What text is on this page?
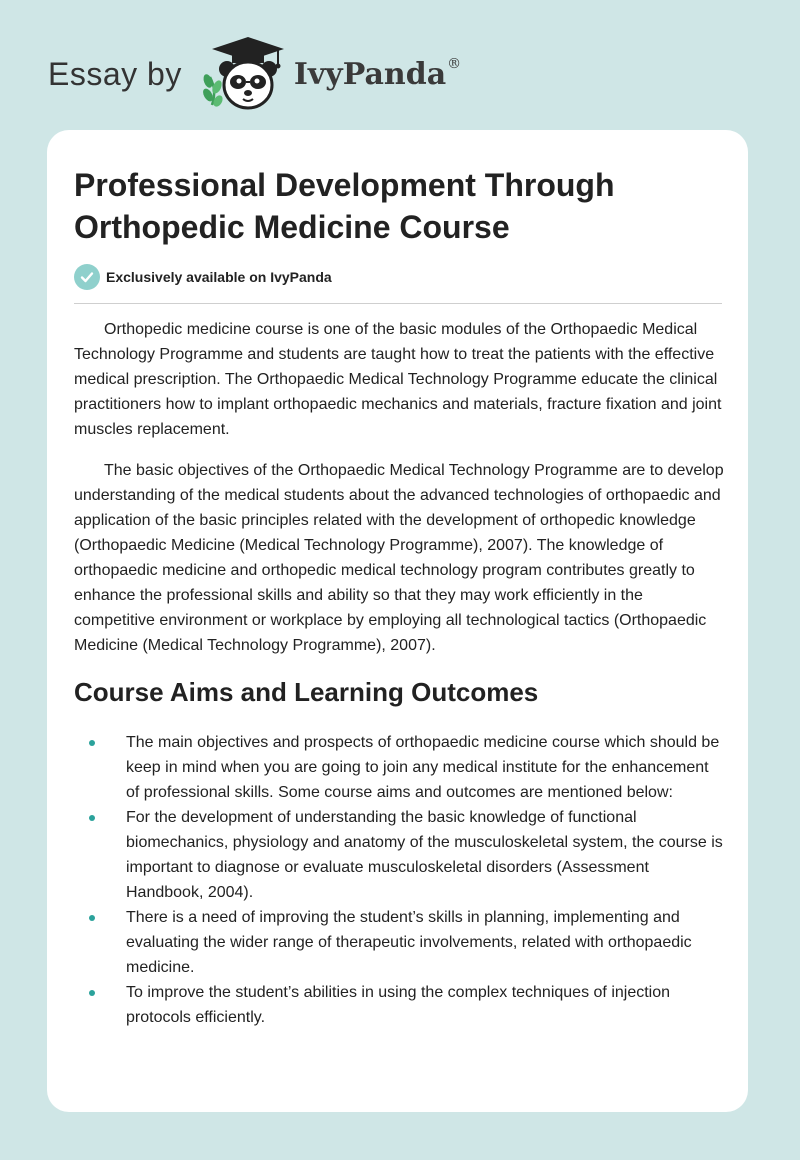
Essay by	IvyPanda®
Professional Development Through Orthopedic Medicine Course
Exclusively available on IvyPanda

Orthopedic medicine course is one of the basic modules of the Orthopaedic Medical Technology Programme and students are taught how to treat the patients with the effective medical prescription. The Orthopaedic Medical Technology Programme educate the clinical practitioners how to implant orthopaedic mechanics and materials, fracture fixation and joint muscles replacement.

The basic objectives of the Orthopaedic Medical Technology Programme are to develop understanding of the medical students about the advanced technologies of orthopaedic and application of the basic principles related with the development of orthopedic knowledge (Orthopaedic Medicine (Medical Technology Programme), 2007). The knowledge of orthopaedic medicine and orthopedic medical technology program contributes greatly to enhance the professional skills and ability so that they may work efficiently in the competitive environment or workplace by employing all technological tactics (Orthopaedic Medicine (Medical Technology Programme), 2007).

Course Aims and Learning Outcomes
The main objectives and prospects of orthopaedic medicine course which should be keep in mind when you are going to join any medical institute for the enhancement of professional skills. Some course aims and outcomes are mentioned below:
For the development of understanding the basic knowledge of functional biomechanics, physiology and anatomy of the musculoskeletal system, the course is important to diagnose or evaluate musculoskeletal disorders (Assessment Handbook, 2004).
There is a need of improving the student’s skills in planning, implementing and evaluating the wider range of therapeutic involvements, related with orthopaedic medicine.
To improve the student’s abilities in using the complex techniques of injection protocols efficiently.
